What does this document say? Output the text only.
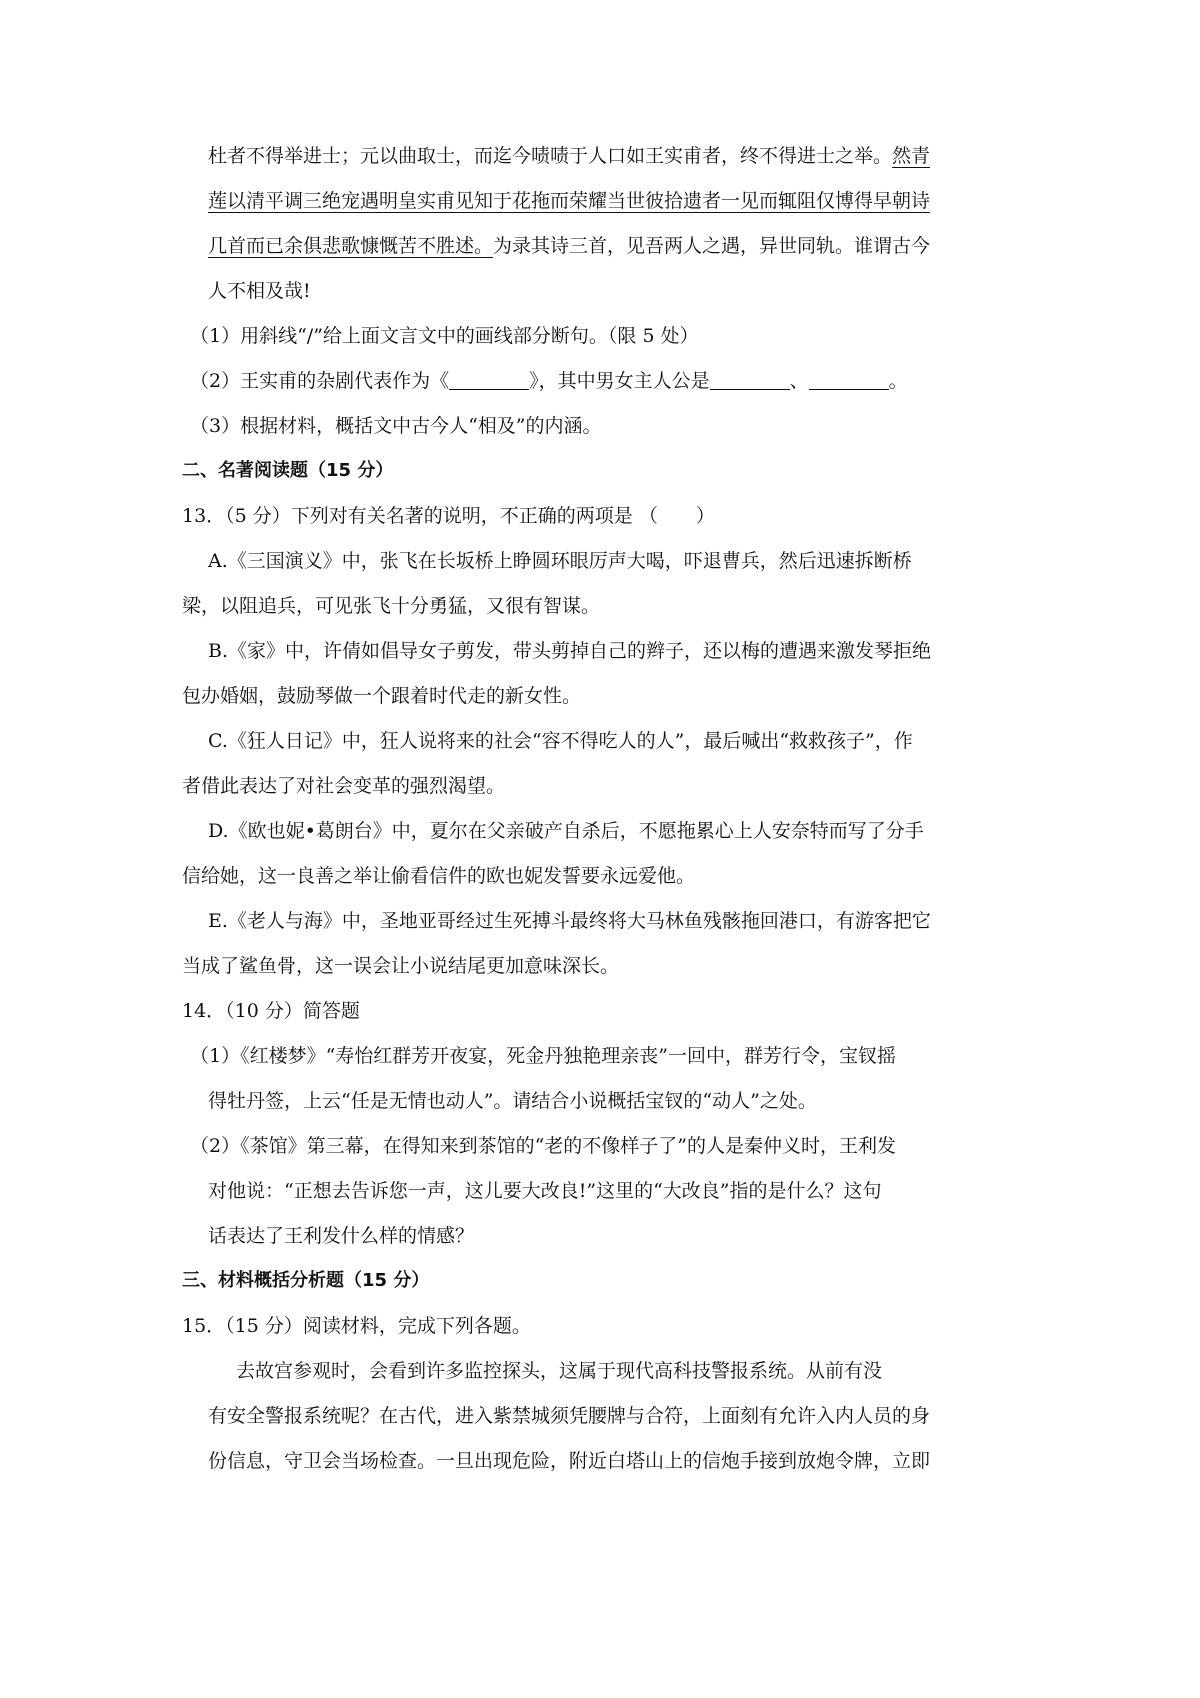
杜者不得举进士；元以曲取士，而迄今啧啧于人口如王实甫者，终不得进士之举。然青
莲以清平调三绝宠遇明皇实甫见知于花拖而荣耀当世彼拾遗者一见而辄阻仅博得早朝诗
几首而已余俱悲歌慷慨苦不胜述。为录其诗三首，见吾两人之遇，异世同轨。谁谓古今
人不相及哉!
（1）用斜线“/”给上面文言文中的画线部分断句。（限 5 处）
（2）王实甫的杂剧代表作为《	》，其中男女主人公是	、	。
（3）根据材料，概括文中古今人“相及”的内涵。
二、名著阅读题（15 分）
13．（5 分）下列对有关名著的说明，不正确的两项是 （　　）
A.《三国演义》中，张飞在长坂桥上睁圆环眼厉声大喝，吓退曹兵，然后迅速拆断桥
梁，以阻追兵，可见张飞十分勇猛，又很有智谋。
B.《家》中，许倩如倡导女子剪发，带头剪掉自己的辫子，还以梅的遭遇来激发琴拒绝
包办婚姻，鼓励琴做一个跟着时代走的新女性。
C.《狂人日记》中，狂人说将来的社会“容不得吃人的人”，最后喊出“救救孩子”，作
者借此表达了对社会变革的强烈渴望。
D.《欧也妮•葛朗台》中，夏尔在父亲破产自杀后，不愿拖累心上人安奈特而写了分手
信给她，这一良善之举让偷看信件的欧也妮发誓要永远爱他。
E.《老人与海》中，圣地亚哥经过生死搏斗最终将大马林鱼残骸拖回港口，有游客把它
当成了鲨鱼骨，这一误会让小说结尾更加意味深长。
14．（10 分）简答题
（1）《红楼梦》“寿怡红群芳开夜宴，死金丹独艳理亲丧”一回中，群芳行令，宝钗摇
得牡丹签，上云“任是无情也动人”。请结合小说概括宝钗的“动人”之处。
（2）《茶馆》第三幕，在得知来到茶馆的“老的不像样子了”的人是秦仲义时，王利发
对他说：“正想去告诉您一声，这儿要大改良!”这里的“大改良”指的是什么？这句
话表达了王利发什么样的情感？
三、材料概括分析题（15 分）
15．（15 分）阅读材料，完成下列各题。
去故宫参观时，会看到许多监控探头，这属于现代高科技警报系统。从前有没
有安全警报系统呢？在古代，进入紫禁城须凭腰牌与合符，上面刻有允许入内人员的身
份信息，守卫会当场检查。一旦出现危险，附近白塔山上的信炮手接到放炮令牌，立即
